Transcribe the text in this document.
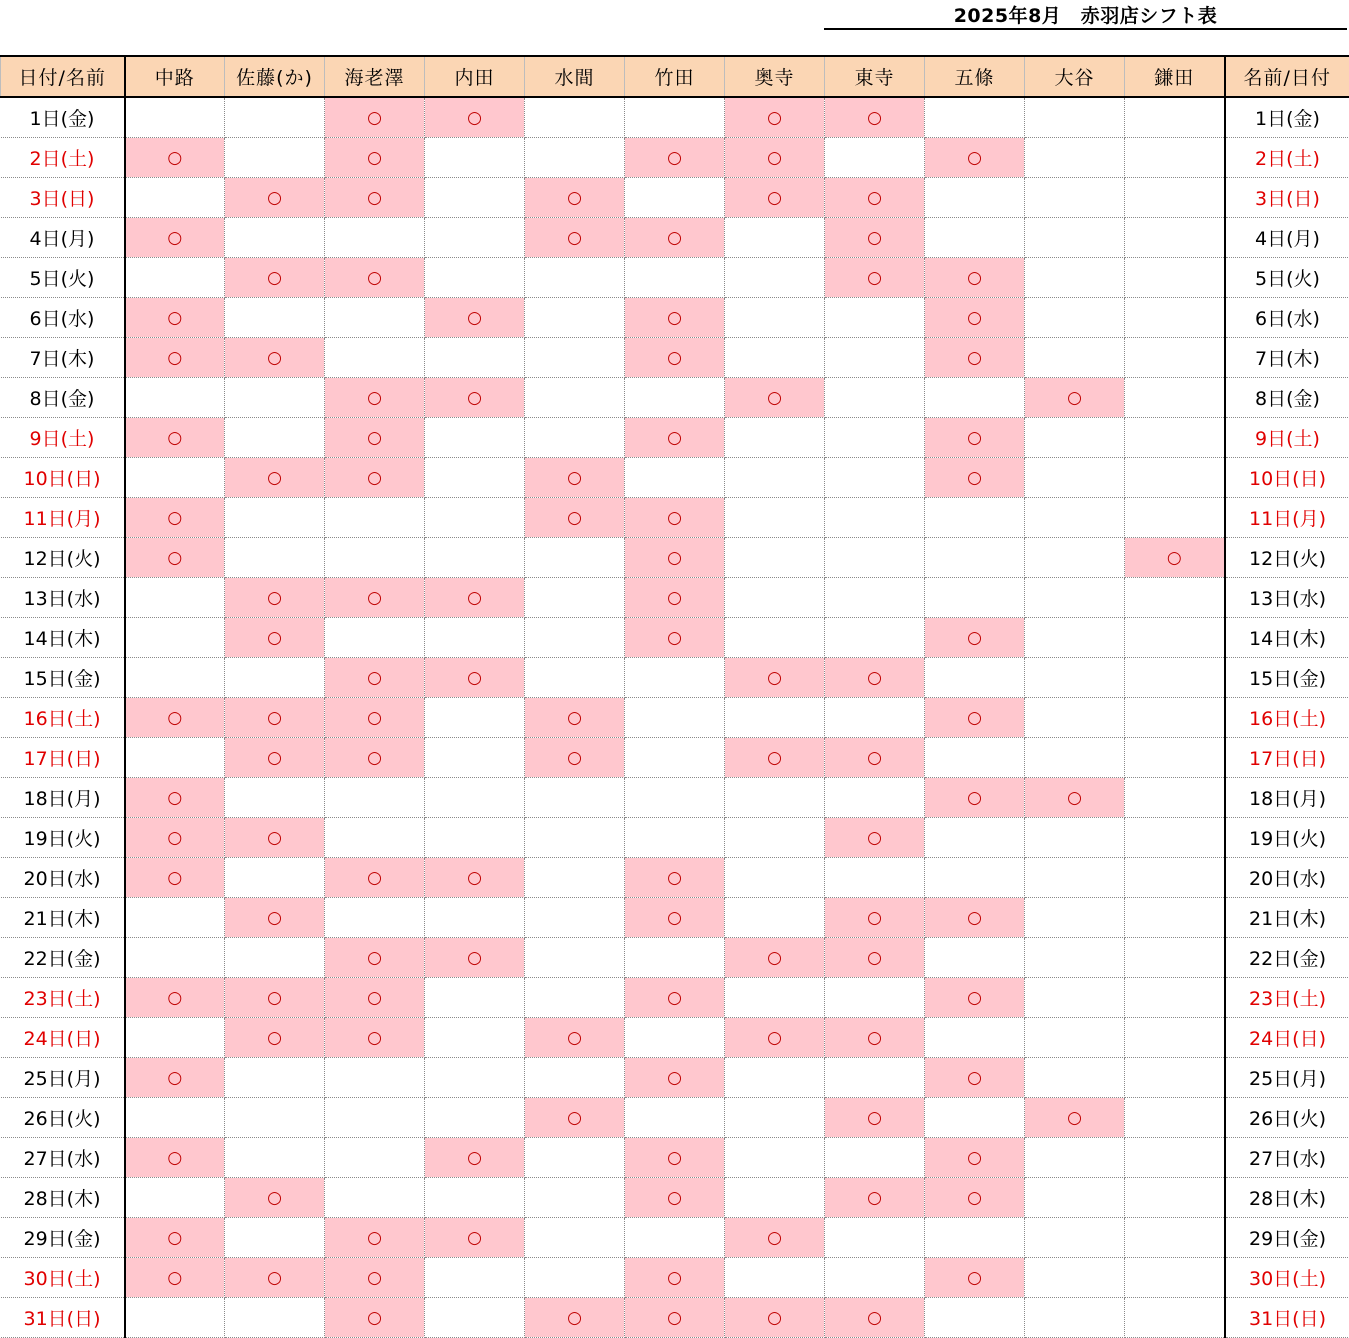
2025年8月　赤羽店シフト表
日付/名前	中路	佐藤(か)	海老澤	内田	水間	竹田	奥寺	東寺	五條	大谷	鎌田	名前/日付
1日(金)			○	○			○	○				1日(金)
2日(土)	○		○			○	○		○			2日(土)
3日(日)		○	○		○		○	○				3日(日)
4日(月)	○				○	○		○				4日(月)
5日(火)		○	○					○	○			5日(火)
6日(水)	○			○		○			○			6日(水)
7日(木)	○	○				○			○			7日(木)
8日(金)			○	○			○			○		8日(金)
9日(土)	○		○			○			○			9日(土)
10日(日)		○	○		○				○			10日(日)
11日(月)	○				○	○						11日(月)
12日(火)	○					○					○	12日(火)
13日(水)		○	○	○		○						13日(水)
14日(木)		○				○			○			14日(木)
15日(金)			○	○			○	○				15日(金)
16日(土)	○	○	○		○				○			16日(土)
17日(日)		○	○		○		○	○				17日(日)
18日(月)	○								○	○		18日(月)
19日(火)	○	○						○				19日(火)
20日(水)	○		○	○		○						20日(水)
21日(木)		○				○		○	○			21日(木)
22日(金)			○	○			○	○				22日(金)
23日(土)	○	○	○			○			○			23日(土)
24日(日)		○	○		○		○	○				24日(日)
25日(月)	○					○			○			25日(月)
26日(火)					○			○		○		26日(火)
27日(水)	○			○		○			○			27日(水)
28日(木)		○				○		○	○			28日(木)
29日(金)	○		○	○			○					29日(金)
30日(土)	○	○	○			○			○			30日(土)
31日(日)			○		○	○	○	○				31日(日)
